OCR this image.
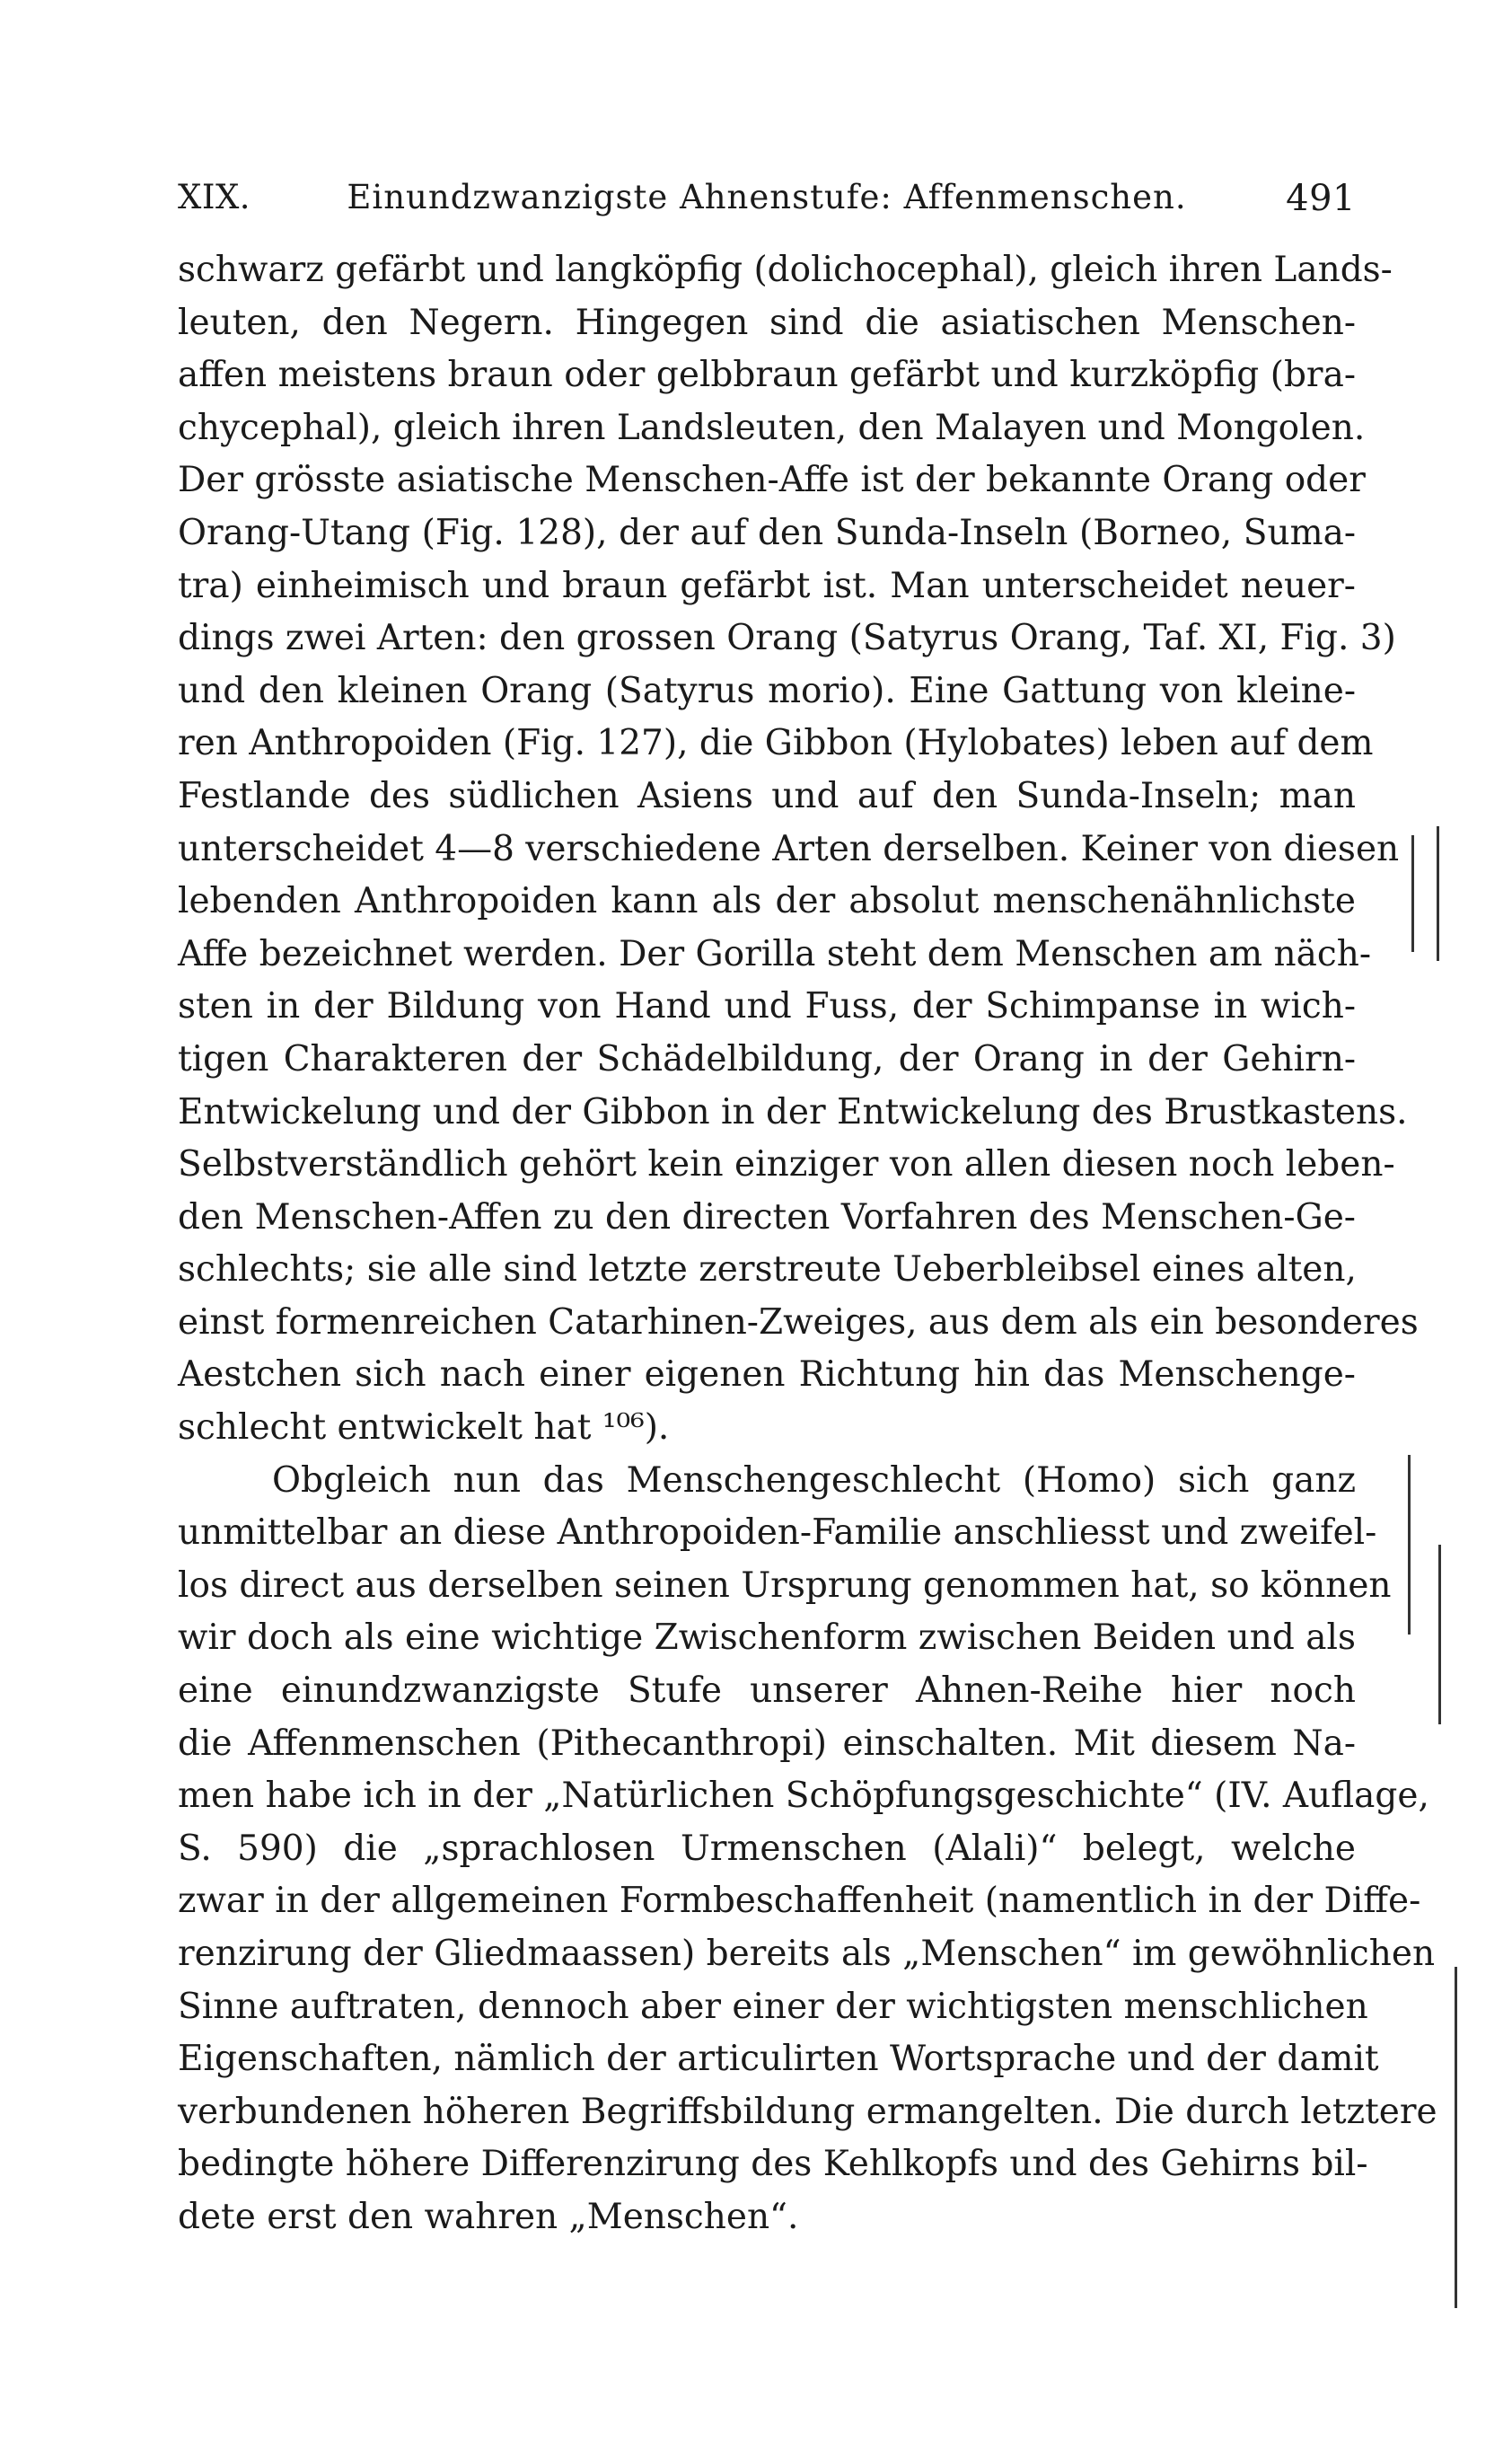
XIX.	Einundzwanzigste Ahnenstufe: Affenmenschen.	491
schwarz gefärbt und langköpfig (dolichocephal), gleich ihren Lands-
leuten, den Negern. Hingegen sind die asiatischen Menschen-
affen meistens braun oder gelbbraun gefärbt und kurzköpfig (bra-
chycephal), gleich ihren Landsleuten, den Malayen und Mongolen.
Der grösste asiatische Menschen-Affe ist der bekannte Orang oder
Orang-Utang (Fig. 128), der auf den Sunda-Inseln (Borneo, Suma-
tra) einheimisch und braun gefärbt ist. Man unterscheidet neuer-
dings zwei Arten: den grossen Orang (Satyrus Orang, Taf. XI, Fig. 3)
und den kleinen Orang (Satyrus morio). Eine Gattung von kleine-
ren Anthropoiden (Fig. 127), die Gibbon (Hylobates) leben auf dem
Festlande des südlichen Asiens und auf den Sunda-Inseln; man
unterscheidet 4—8 verschiedene Arten derselben. Keiner von diesen
lebenden Anthropoiden kann als der absolut menschenähnlichste
Affe bezeichnet werden. Der Gorilla steht dem Menschen am näch-
sten in der Bildung von Hand und Fuss, der Schimpanse in wich-
tigen Charakteren der Schädelbildung, der Orang in der Gehirn-
Entwickelung und der Gibbon in der Entwickelung des Brustkastens.
Selbstverständlich gehört kein einziger von allen diesen noch leben-
den Menschen-Affen zu den directen Vorfahren des Menschen-Ge-
schlechts; sie alle sind letzte zerstreute Ueberbleibsel eines alten,
einst formenreichen Catarhinen-Zweiges, aus dem als ein besonderes
Aestchen sich nach einer eigenen Richtung hin das Menschenge-
schlecht entwickelt hat ¹⁰⁶).
Obgleich nun das Menschengeschlecht (Homo) sich ganz
unmittelbar an diese Anthropoiden-Familie anschliesst und zweifel-
los direct aus derselben seinen Ursprung genommen hat, so können
wir doch als eine wichtige Zwischenform zwischen Beiden und als
eine einundzwanzigste Stufe unserer Ahnen-Reihe hier noch
die Affenmenschen (Pithecanthropi) einschalten. Mit diesem Na-
men habe ich in der „Natürlichen Schöpfungsgeschichte“ (IV. Auflage,
S. 590) die „sprachlosen Urmenschen (Alali)“ belegt, welche
zwar in der allgemeinen Formbeschaffenheit (namentlich in der Diffe-
renzirung der Gliedmaassen) bereits als „Menschen“ im gewöhnlichen
Sinne auftraten, dennoch aber einer der wichtigsten menschlichen
Eigenschaften, nämlich der articulirten Wortsprache und der damit
verbundenen höheren Begriffsbildung ermangelten. Die durch letztere
bedingte höhere Differenzirung des Kehlkopfs und des Gehirns bil-
dete erst den wahren „Menschen“.
